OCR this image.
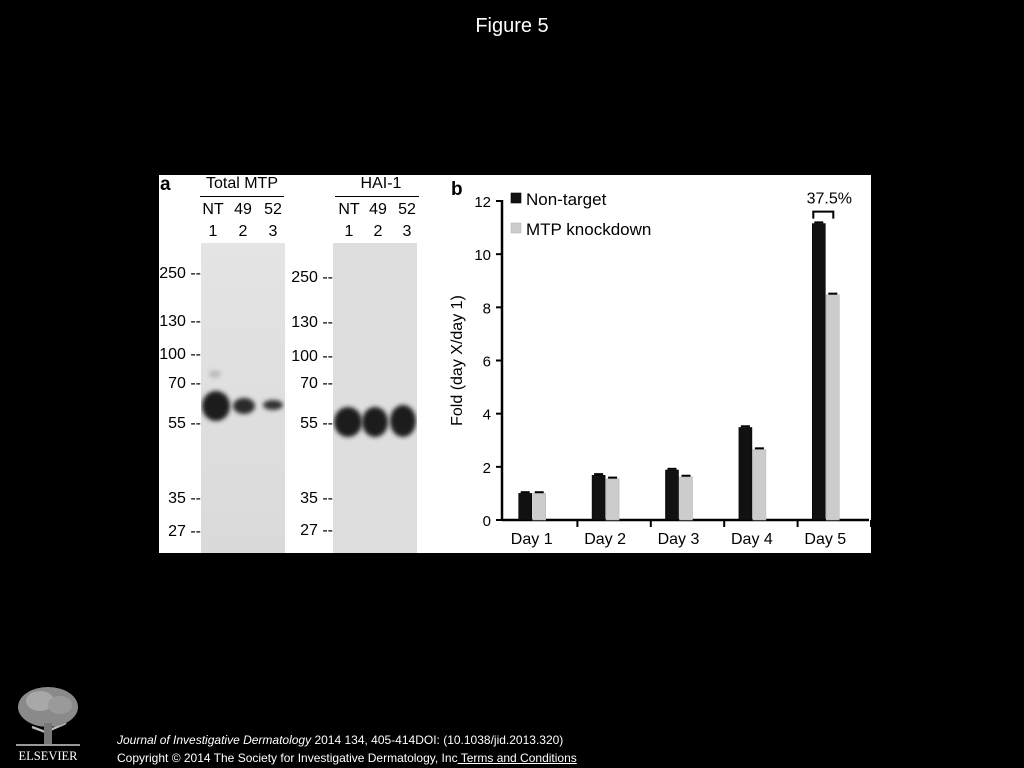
Figure 5
a	Total MTP
NT 49 52
1	2	3
HAI-1
NT 49 52
1	2	3
250 --
130 --
100 --
70 --
55 --
35 --
27 --
250 --
130 --
100 --
70 --
55 --
35 --
27 --
b
0
2
4
6
8
10
12
Fold (day X/day 1)
Day 1 Day 2 Day 3 Day 4 Day 5
Non-target
MTP knockdown
37.5%
ELSEVIER
Journal of Investigative Dermatology 2014 134, 405-414DOI: (10.1038/jid.2013.320)
Copyright © 2014 The Society for Investigative Dermatology, Inc Terms and Conditions
